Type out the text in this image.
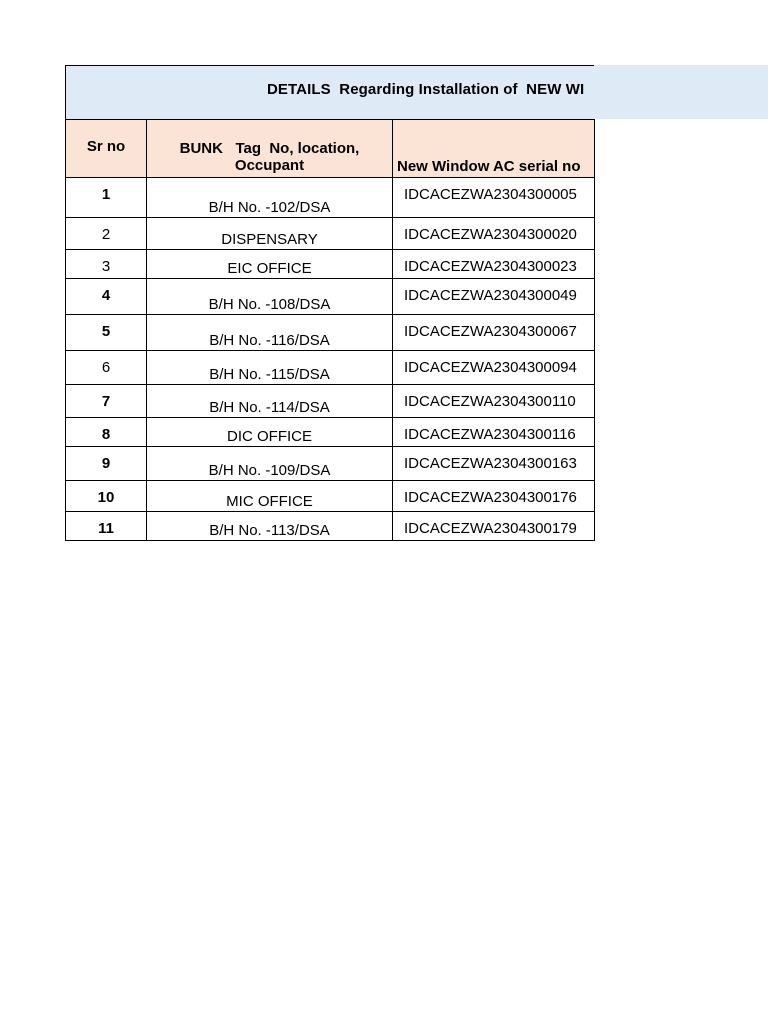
DETAILS  Regarding Installation of  NEW WI
Sr no	BUNK   Tag  No, location,
Occupant	New Window AC serial no

1	B/H No. -102/DSA	IDCACEZWA2304300005

2	DISPENSARY	IDCACEZWA2304300020

3	EIC OFFICE	IDCACEZWA2304300023

4	B/H No. -108/DSA	IDCACEZWA2304300049

5	B/H No. -116/DSA	IDCACEZWA2304300067

6	B/H No. -115/DSA	IDCACEZWA2304300094

7	B/H No. -114/DSA	IDCACEZWA2304300110

8	DIC OFFICE	IDCACEZWA2304300116

9	B/H No. -109/DSA	IDCACEZWA2304300163

10	MIC OFFICE	IDCACEZWA2304300176

11	B/H No. -113/DSA	IDCACEZWA2304300179
